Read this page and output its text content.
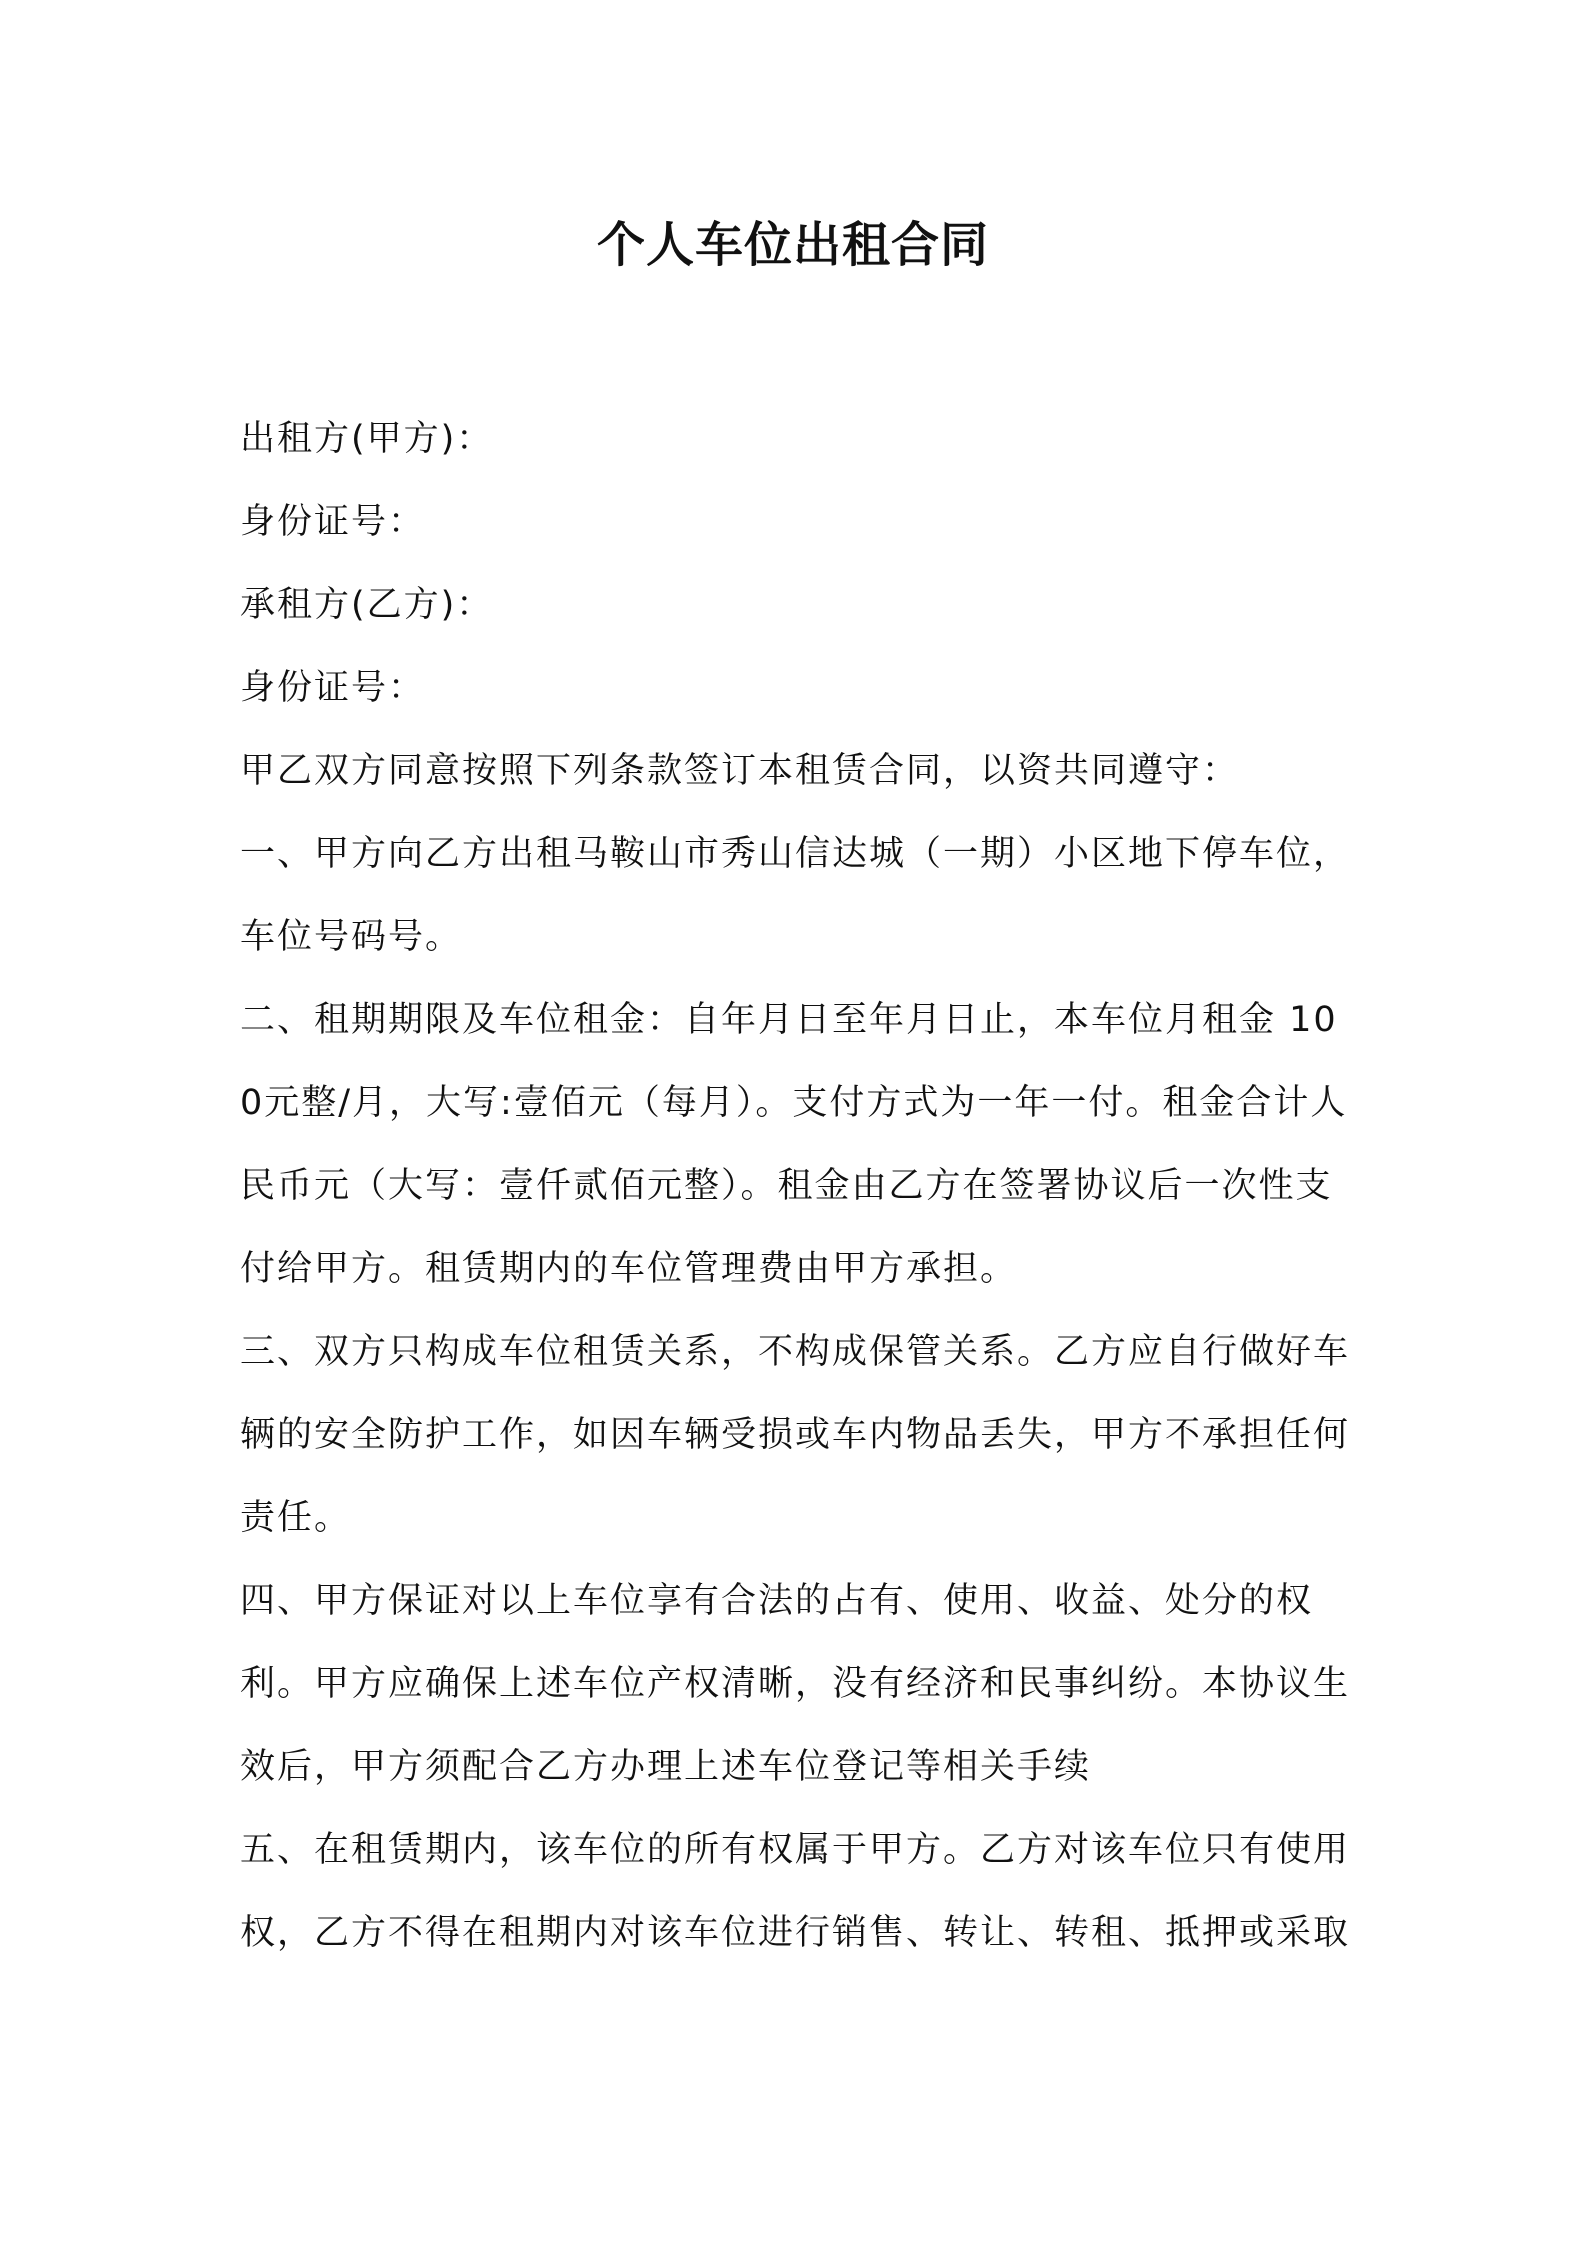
个人车位出租合同

出租方(甲方)：

身份证号：

承租方(乙方)：

身份证号：

甲乙双方同意按照下列条款签订本租赁合同，以资共同遵守：

一、甲方向乙方出租马鞍山市秀山信达城（一期）小区地下停车位，车位号码号。

二、租期期限及车位租金：自年月日至年月日止，本车位月租金 100元整/月，大写:壹佰元（每月）。支付方式为一年一付。租金合计人民币元（大写：壹仟贰佰元整）。租金由乙方在签署协议后一次性支付给甲方。租赁期内的车位管理费由甲方承担。

三、双方只构成车位租赁关系，不构成保管关系。乙方应自行做好车辆的安全防护工作，如因车辆受损或车内物品丢失，甲方不承担任何责任。

四、甲方保证对以上车位享有合法的占有、使用、收益、处分的权利。甲方应确保上述车位产权清晰，没有经济和民事纠纷。本协议生效后，甲方须配合乙方办理上述车位登记等相关手续

五、在租赁期内，该车位的所有权属于甲方。乙方对该车位只有使用权，乙方不得在租期内对该车位进行销售、转让、转租、抵押或采取
